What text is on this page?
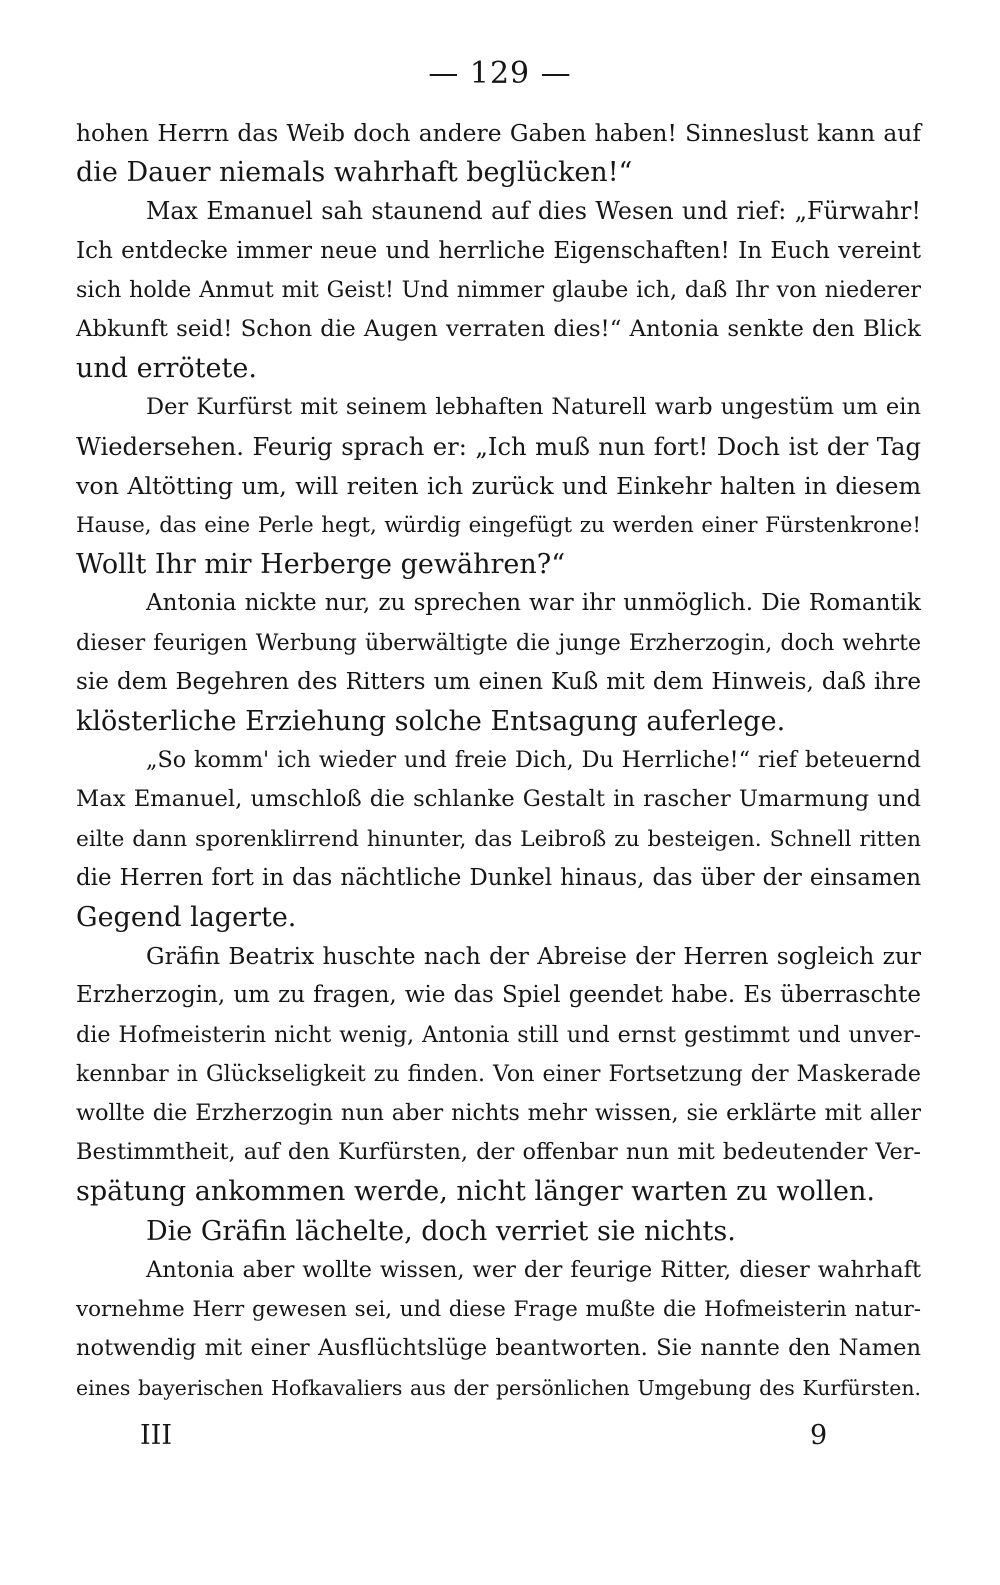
— 129 —
hohen Herrn das Weib doch andere Gaben haben! Sinneslust kann auf
die Dauer niemals wahrhaft beglücken!“
Max Emanuel sah staunend auf dies Wesen und rief: „Fürwahr!
Ich entdecke immer neue und herrliche Eigenschaften! In Euch vereint
sich holde Anmut mit Geist! Und nimmer glaube ich, daß Ihr von niederer
Abkunft seid! Schon die Augen verraten dies!“ Antonia senkte den Blick
und errötete.
Der Kurfürst mit seinem lebhaften Naturell warb ungestüm um ein
Wiedersehen. Feurig sprach er: „Ich muß nun fort! Doch ist der Tag
von Altötting um, will reiten ich zurück und Einkehr halten in diesem
Hause, das eine Perle hegt, würdig eingefügt zu werden einer Fürstenkrone!
Wollt Ihr mir Herberge gewähren?“
Antonia nickte nur, zu sprechen war ihr unmöglich. Die Romantik
dieser feurigen Werbung überwältigte die junge Erzherzogin, doch wehrte
sie dem Begehren des Ritters um einen Kuß mit dem Hinweis, daß ihre
klösterliche Erziehung solche Entsagung auferlege.
„So komm' ich wieder und freie Dich, Du Herrliche!“ rief beteuernd
Max Emanuel, umschloß die schlanke Gestalt in rascher Umarmung und
eilte dann sporenklirrend hinunter, das Leibroß zu besteigen. Schnell ritten
die Herren fort in das nächtliche Dunkel hinaus, das über der einsamen
Gegend lagerte.
Gräfin Beatrix huschte nach der Abreise der Herren sogleich zur
Erzherzogin, um zu fragen, wie das Spiel geendet habe. Es überraschte
die Hofmeisterin nicht wenig, Antonia still und ernst gestimmt und unver-
kennbar in Glückseligkeit zu finden. Von einer Fortsetzung der Maskerade
wollte die Erzherzogin nun aber nichts mehr wissen, sie erklärte mit aller
Bestimmtheit, auf den Kurfürsten, der offenbar nun mit bedeutender Ver-
spätung ankommen werde, nicht länger warten zu wollen.
Die Gräfin lächelte, doch verriet sie nichts.
Antonia aber wollte wissen, wer der feurige Ritter, dieser wahrhaft
vornehme Herr gewesen sei, und diese Frage mußte die Hofmeisterin natur-
notwendig mit einer Ausflüchtslüge beantworten. Sie nannte den Namen
eines bayerischen Hofkavaliers aus der persönlichen Umgebung des Kurfürsten.
III	9
